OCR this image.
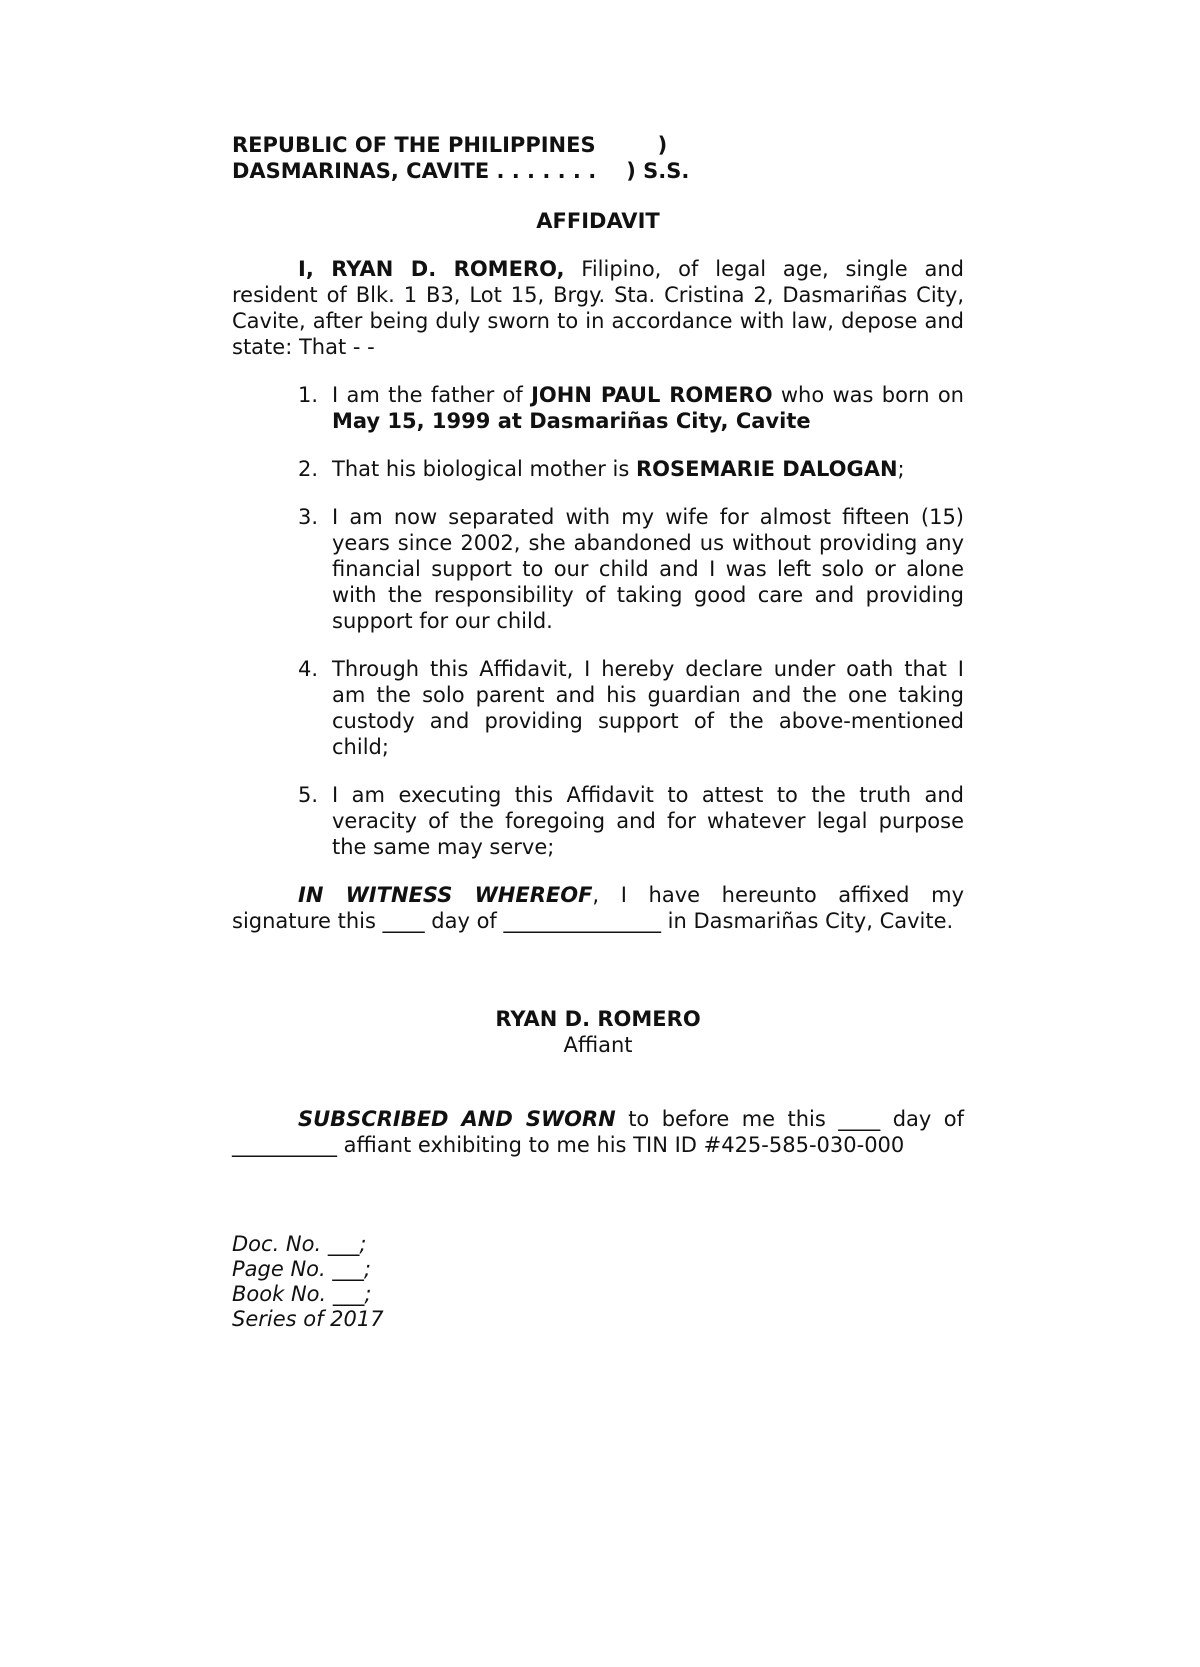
REPUBLIC OF THE PHILIPPINES	)
DASMARINAS, CAVITE . . . . . . . ) S.S.
AFFIDAVIT

I, RYAN D. ROMERO, Filipino, of legal age, single and resident of Blk. 1 B3, Lot 15, Brgy. Sta. Cristina 2, Dasmariñas City, Cavite, after being duly sworn to in accordance with law, depose and state: That - -

1. I am the father of JOHN PAUL ROMERO who was born on May 15, 1999 at Dasmariñas City, Cavite
2. That his biological mother is ROSEMARIE DALOGAN;
3. I am now separated with my wife for almost fifteen (15) years since 2002, she abandoned us without providing any financial support to our child and I was left solo or alone with the responsibility of taking good care and providing support for our child.
4. Through this Affidavit, I hereby declare under oath that I am the solo parent and his guardian and the one taking custody and providing support of the above-mentioned child;
5. I am executing this Affidavit to attest to the truth and veracity of the foregoing and for whatever legal purpose the same may serve;

IN WITNESS WHEREOF, I have hereunto affixed my signature this ____ day of _______________ in Dasmariñas City, Cavite.

RYAN D. ROMERO
Affiant

SUBSCRIBED AND SWORN to before me this ____ day of __________ affiant exhibiting to me his TIN ID #425-585-030-000

Doc. No. ___;
Page No. ___;
Book No. ___;
Series of 2017
